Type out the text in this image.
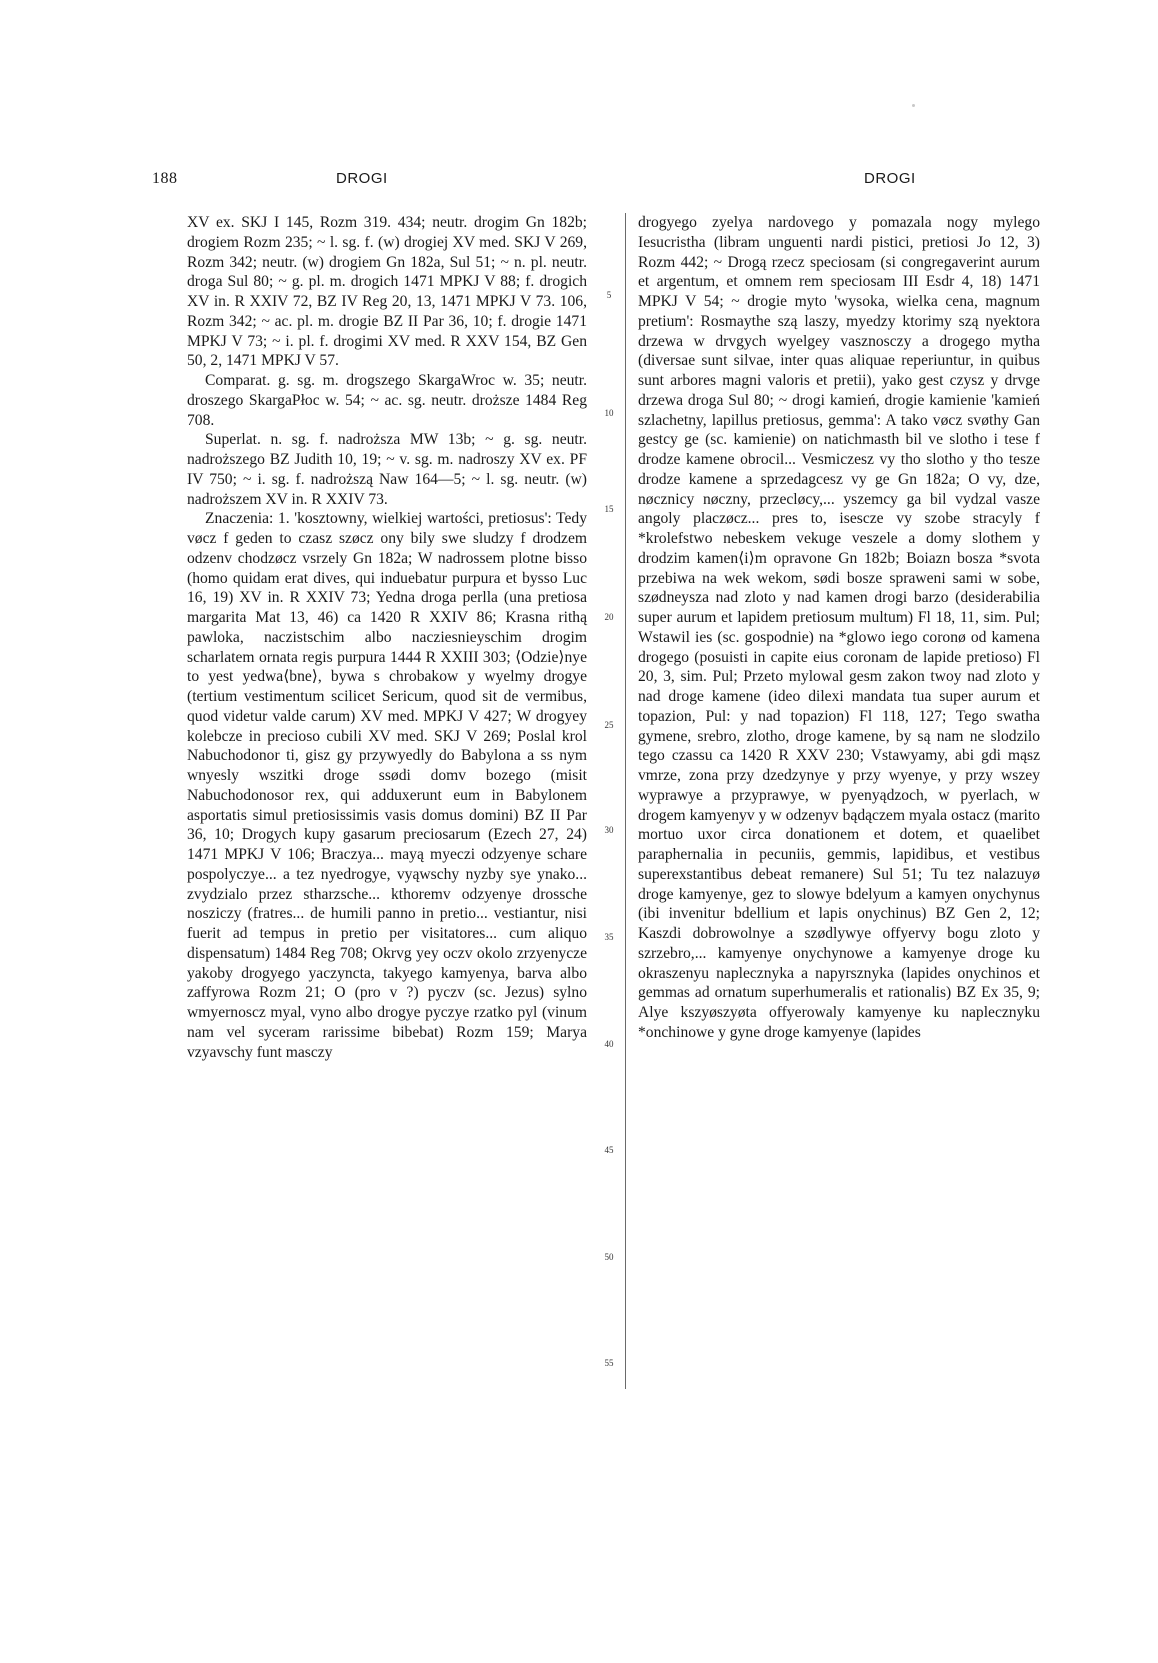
188	DROGI	DROGI

XV ex. SKJ I 145, Rozm 319. 434; neutr. drogim Gn 182b; drogiem Rozm 235; ~ l. sg. f. (w) drogiej XV med. SKJ V 269, Rozm 342; neutr. (w) drogiem Gn 182a, Sul 51; ~ n. pl. neutr. droga Sul 80; ~ g. pl. m. drogich 1471 MPKJ V 88; f. drogich XV in. R XXIV 72, BZ IV Reg 20, 13, 1471 MPKJ V 73. 106, Rozm 342; ~ ac. pl. m. drogie BZ II Par 36, 10; f. drogie 1471 MPKJ V 73; ~ i. pl. f. drogimi XV med. R XXV 154, BZ Gen 50, 2, 1471 MPKJ V 57.

Comparat. g. sg. m. drogszego SkargaWroc w. 35; neutr. droszego SkargaPłoc w. 54; ~ ac. sg. neutr. droższe 1484 Reg 708.

Superlat. n. sg. f. nadroższa MW 13b; ~ g. sg. neutr. nadroższego BZ Judith 10, 19; ~ v. sg. m. nadroszy XV ex. PF IV 750; ~ i. sg. f. nadroższą Naw 164—5; ~ l. sg. neutr. (w) nadroższem XV in. R XXIV 73.

Znaczenia: 1. 'kosztowny, wielkiej wartości, pretiosus': Tedy vøcz f geden to czasz szøcz ony bily swe sludzy f drodzem odzenv chodzøcz vsrzely Gn 182a; W nadrossem plotne bisso (homo quidam erat dives, qui induebatur purpura et bysso Luc 16, 19) XV in. R XXIV 73; Yedna droga perlla (una pretiosa margarita Mat 13, 46) ca 1420 R XXIV 86; Krasna rithą pawloka, naczistschim albo nacziesnieyschim drogim scharlatem ornata regis purpura 1444 R XXIII 303; ⟨Odzie⟩nye to yest yedwa⟨bne⟩, bywa s chrobakow y wyelmy drogye (tertium vestimentum scilicet Sericum, quod sit de vermibus, quod videtur valde carum) XV med. MPKJ V 427; W drogyey kolebcze in precioso cubili XV med. SKJ V 269; Poslal krol Nabuchodonor ti, gisz gy przywyedly do Babylona a ss nym wnyesly wszitki droge ssødi domv bozego (misit Nabuchodonosor rex, qui adduxerunt eum in Babylonem asportatis simul pretiosissimis vasis domus domini) BZ II Par 36, 10; Drogych kupy gasarum preciosarum (Ezech 27, 24) 1471 MPKJ V 106; Braczya... mayą myeczi odzyenye schare pospolyczye... a tez nyedrogye, vyąwschy nyzby sye ynako... zvydzialo przez stharzsche... kthoremv odzyenye drossche nosziczy (fratres... de humili panno in pretio... vestiantur, nisi fuerit ad tempus in pretio per visitatores... cum aliquo dispensatum) 1484 Reg 708; Okrvg yey oczv okolo zrzyenycze yakoby drogyego yaczyncta, takyego kamyenya, barva albo zaffyrowa Rozm 21; O (pro v ?) pyczv (sc. Jezus) sylno wmyernoscz myal, vyno albo drogye pyczye rzatko pyl (vinum nam vel syceram rarissime bibebat) Rozm 159; Marya vzyavschy funt masczy

5
10
15
20
25
30
35
40
45
50
55

drogyego zyelya nardovego y pomazala nogy mylego Iesucristha (libram unguenti nardi pistici, pretiosi Jo 12, 3) Rozm 442; ~ Drogą rzecz speciosam (si congregaverint aurum et argentum, et omnem rem speciosam III Esdr 4, 18) 1471 MPKJ V 54; ~ drogie myto 'wysoka, wielka cena, magnum pretium': Rosmaythe szą laszy, myedzy ktorimy szą nyektora drzewa w drvgych wyelgey vasznosczy a drogego mytha (diversae sunt silvae, inter quas aliquae reperiuntur, in quibus sunt arbores magni valoris et pretii), yako gest czysz y drvge drzewa droga Sul 80; ~ drogi kamień, drogie kamienie 'kamień szlachetny, lapillus pretiosus, gemma': A tako vøcz svøthy Gan gestcy ge (sc. kamienie) on natichmasth bil ve slotho i tese f drodze kamene obrocil... Vesmiczesz vy tho slotho y tho tesze drodze kamene a sprzedagcesz vy ge Gn 182a; O vy, dze, nøcznicy nøczny, przecløcy,... yszemcy ga bil vydzal vasze angoly placzøcz... pres to, isescze vy szobe stracyly f *krolefstwo nebeskem vekuge veszele a domy slothem y drodzim kamen⟨i⟩m opravone Gn 182b; Boiazn bosza *svota przebiwa na wek wekom, sødi bosze sprawenі sami w sobe, szødneysza nad zloto y nad kamen drogi barzo (desiderabilia super aurum et lapidem pretiosum multum) Fl 18, 11, sim. Pul; Wstawil ies (sc. gospodnie) na *glowo iego coronø od kamena drogego (posuisti in capite eius coronam de lapide pretioso) Fl 20, 3, sim. Pul; Przeto mylowal gesm zakon twoy nad zloto y nad droge kamene (ideo dilexi mandata tua super aurum et topazion, Pul: y nad topazion) Fl 118, 127; Tego swatha gymene, srebro, zlotho, droge kamene, by są nam ne slodzilo tego czassu ca 1420 R XXV 230; Vstawyamy, abi gdi mąsz vmrze, zona przy dzedzynye y przy wyenye, y przy wszey wyprawye a przyprawye, w pyenyądzoch, w pyerlach, w drogem kamyenyv y w odzenyv bądączem myala ostacz (marito mortuo uxor circa donationem et dotem, et quaelibet paraphernalia in pecuniis, gemmis, lapidibus, et vestibus superexstantibus debeat remanere) Sul 51; Tu tez nalazuyø droge kamyenye, gez to slowye bdelyum a kamyen onychynus (ibi invenitur bdellium et lapis onychinus) BZ Gen 2, 12; Kaszdi dobrowolnye a szødlywye offyervy bogu zloto y szrzebro,... kamyenye onychynowe a kamyenye droge ku okraszenyu naplecznyka a napyrsznyka (lapides onychinos et gemmas ad ornatum superhumeralis et rationalis) BZ Ex 35, 9; Alye kszyøszyøta offyerowaly kamyenye ku naplecznyku *onchinowe y gyne droge kamyenye (lapides
